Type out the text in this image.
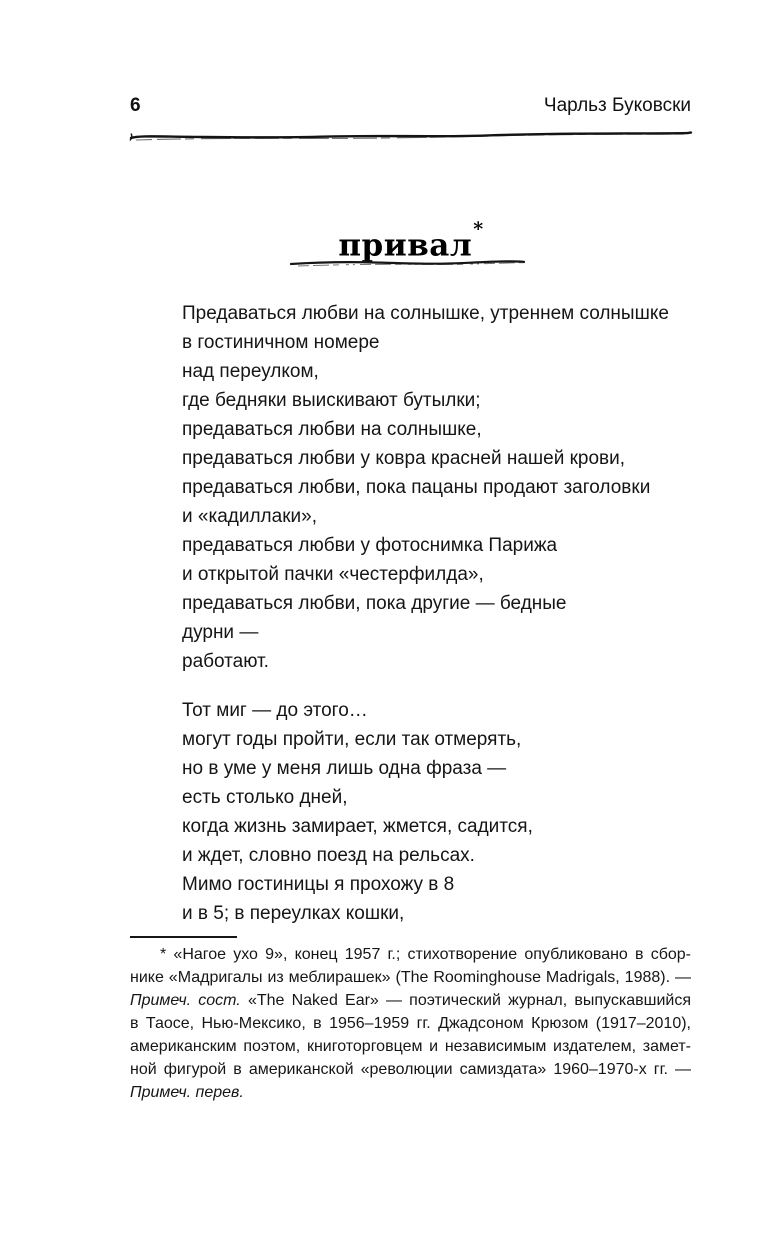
6	Чарльз Буковски
привал*
Предаваться любви на солнышке, утреннем солнышке
в гостиничном номере
над переулком,
где бедняки выискивают бутылки;
предаваться любви на солнышке,
предаваться любви у ковра красней нашей крови,
предаваться любви, пока пацаны продают заголовки
и «кадиллаки»,
предаваться любви у фотоснимка Парижа
и открытой пачки «честерфилда»,
предаваться любви, пока другие — бедные
дурни —
работают.
Тот миг — до этого…
могут годы пройти, если так отмерять,
но в уме у меня лишь одна фраза —
есть столько дней,
когда жизнь замирает, жмется, садится,
и ждет, словно поезд на рельсах.
Мимо гостиницы я прохожу в 8
и в 5; в переулках кошки,
* «Нагое ухо 9», конец 1957 г.; стихотворение опубликовано в сбор-
нике «Мадригалы из меблирашек» (The Roominghouse Madrigals, 1988). —
Примеч. сост. «The Naked Ear» — поэтический журнал, выпускавшийся
в Таосе, Нью-Мексико, в 1956–1959 гг. Джадсоном Крюзом (1917–2010),
американским поэтом, книготорговцем и независимым издателем, замет-
ной фигурой в американской «революции самиздата» 1960–1970-х гг. —
Примеч. перев.
